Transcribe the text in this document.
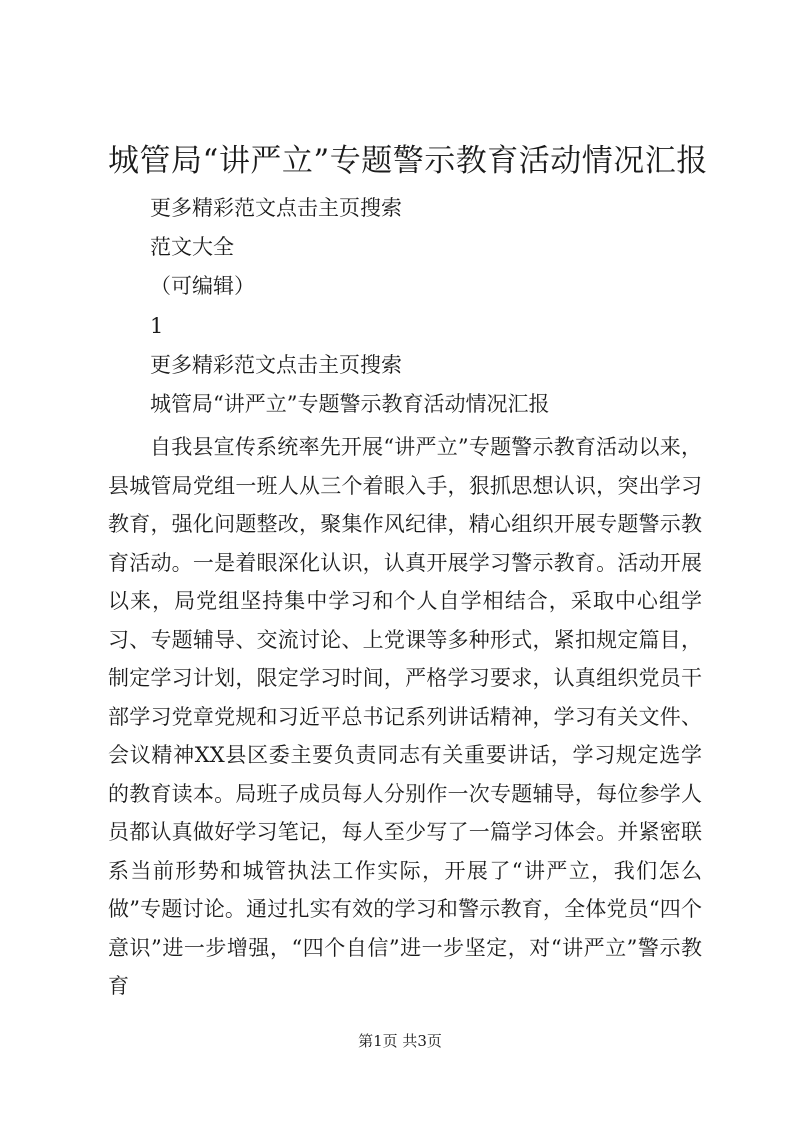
城管局“讲严立”专题警示教育活动情况汇报

更多精彩范文点击主页搜索

范文大全

（可编辑）

1

更多精彩范文点击主页搜索

城管局“讲严立”专题警示教育活动情况汇报

自我县宣传系统率先开展“讲严立”专题警示教育活动以来，县城管局党组一班人从三个着眼入手，狠抓思想认识，突出学习教育，强化问题整改，聚集作风纪律，精心组织开展专题警示教育活动。一是着眼深化认识，认真开展学习警示教育。活动开展以来，局党组坚持集中学习和个人自学相结合，采取中心组学习、专题辅导、交流讨论、上党课等多种形式，紧扣规定篇目，制定学习计划，限定学习时间，严格学习要求，认真组织党员干部学习党章党规和习近平总书记系列讲话精神，学习有关文件、会议精神XX县区委主要负责同志有关重要讲话，学习规定选学的教育读本。局班子成员每人分别作一次专题辅导，每位参学人员都认真做好学习笔记，每人至少写了一篇学习体会。并紧密联系当前形势和城管执法工作实际，开展了“讲严立，我们怎么做”专题讨论。通过扎实有效的学习和警示教育，全体党员“四个意识”进一步增强，“四个自信”进一步坚定，对“讲严立”警示教育

第1页 共3页
